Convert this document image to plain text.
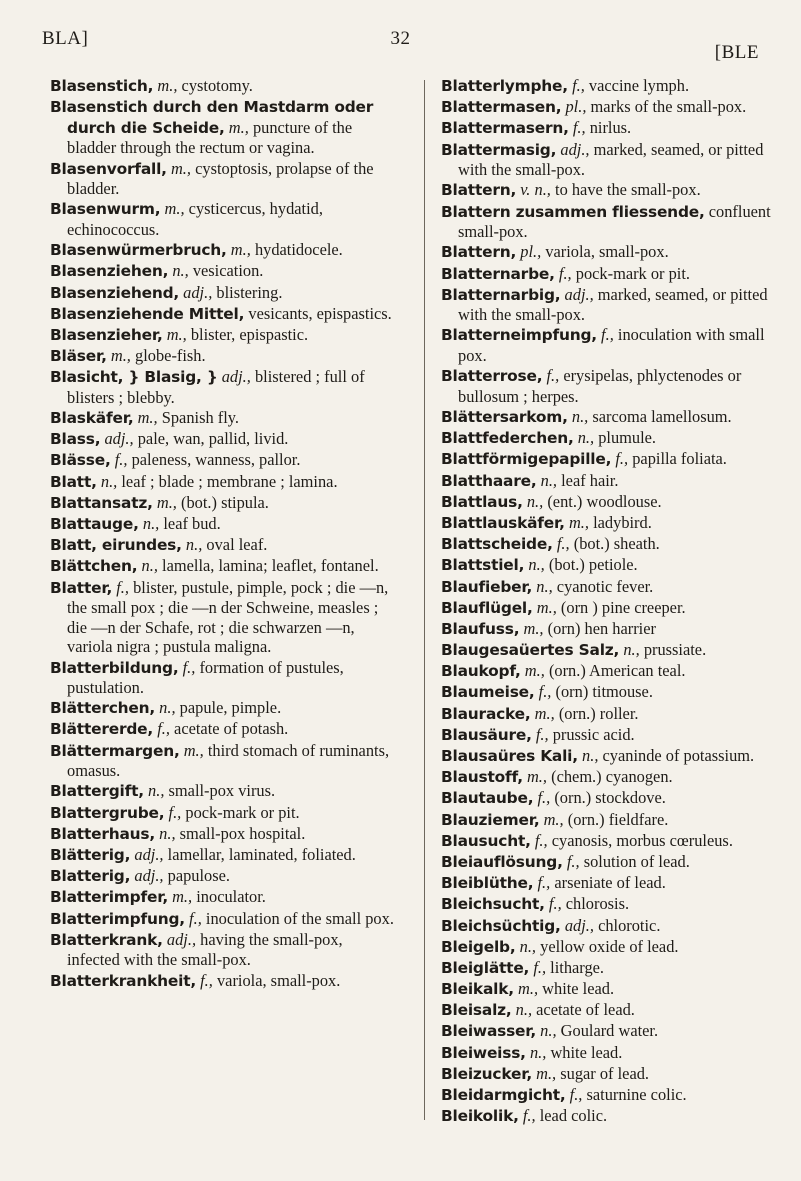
BLA]	32
[BLE

Blasenstich, m., cystotomy.

Blasenstich durch den Mastdarm oder durch die Scheide, m., puncture of the bladder through the rectum or vagina.

Blasenvorfall, m., cystoptosis, prolapse of the bladder.

Blasenwurm, m., cysticercus, hydatid, echinococcus.

Blasenwürmerbruch, m., hydatidocele.

Blasenziehen, n., vesication.

Blasenziehend, adj., blistering.

Blasenziehende Mittel, vesicants, epispastics.

Blasenzieher, m., blister, epispastic.

Bläser, m., globe-fish.

Blasicht, } Blasig, } adj., blistered ; full of blisters ; blebby.

Blaskäfer, m., Spanish fly.

Blass, adj., pale, wan, pallid, livid.

Blässe, f., paleness, wanness, pallor.

Blatt, n., leaf ; blade ; membrane ; lamina.

Blattansatz, m., (bot.) stipula.

Blattauge, n., leaf bud.

Blatt, eirundes, n., oval leaf.

Blättchen, n., lamella, lamina; leaflet, fontanel.

Blatter, f., blister, pustule, pimple, pock ; die —n, the small pox ; die —n der Schweine, measles ; die —n der Schafe, rot ; die schwarzen —n, variola nigra ; pustula maligna.

Blatterbildung, f., formation of pustules, pustulation.

Blätterchen, n., papule, pimple.

Blättererde, f., acetate of potash.

Blättermargen, m., third stomach of ruminants, omasus.

Blattergift, n., small-pox virus.

Blattergrube, f., pock-mark or pit.

Blatterhaus, n., small-pox hospital.

Blätterig, adj., lamellar, laminated, foliated.

Blatterig, adj., papulose.

Blatterimpfer, m., inoculator.

Blatterimpfung, f., inoculation of the small pox.

Blatterkrank, adj., having the small-pox, infected with the small-pox.

Blatterkrankheit, f., variola, small-pox.

Blatterlymphe, f., vaccine lymph.

Blattermasen, pl., marks of the small-pox.

Blattermasern, f., nirlus.

Blattermasig, adj., marked, seamed, or pitted with the small-pox.

Blattern, v. n., to have the small-pox.

Blattern zusammen fliessende, confluent small-pox.

Blattern, pl., variola, small-pox.

Blatternarbe, f., pock-mark or pit.

Blatternarbig, adj., marked, seamed, or pitted with the small-pox.

Blatterneimpfung, f., inoculation with small pox.

Blatterrose, f., erysipelas, phlyctenodes or bullosum ; herpes.

Blättersarkom, n., sarcoma lamellosum.

Blattfederchen, n., plumule.

Blattförmigepapille, f., papilla foliata.

Blatthaare, n., leaf hair.

Blattlaus, n., (ent.) woodlouse.

Blattlauskäfer, m., ladybird.

Blattscheide, f., (bot.) sheath.

Blattstiel, n., (bot.) petiole.

Blaufieber, n., cyanotic fever.

Blauflügel, m., (orn ) pine creeper.

Blaufuss, m., (orn) hen harrier

Blaugesaüertes Salz, n., prussiate.

Blaukopf, m., (orn.) American teal.

Blaumeise, f., (orn) titmouse.

Blauracke, m., (orn.) roller.

Blausäure, f., prussic acid.

Blausaüres Kali, n., cyaninde of potassium.

Blaustoff, m., (chem.) cyanogen.

Blautaube, f., (orn.) stockdove.

Blauziemer, m., (orn.) fieldfare.

Blausucht, f., cyanosis, morbus cœruleus.

Bleiauflösung, f., solution of lead.

Bleiblüthe, f., arseniate of lead.

Bleichsucht, f., chlorosis.

Bleichsüchtig, adj., chlorotic.

Bleigelb, n., yellow oxide of lead.

Bleiglätte, f., litharge.

Bleikalk, m., white lead.

Bleisalz, n., acetate of lead.

Bleiwasser, n., Goulard water.

Bleiweiss, n., white lead.

Bleizucker, m., sugar of lead.

Bleidarmgicht, f., saturnine colic.

Bleikolik, f., lead colic.
